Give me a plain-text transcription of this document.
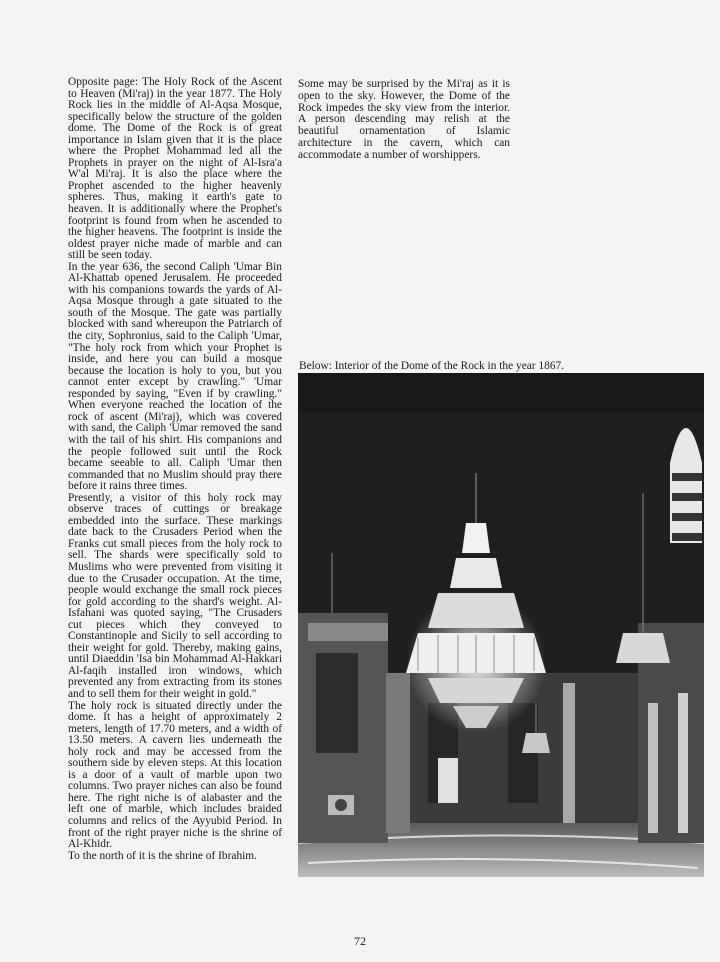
Opposite page: The Holy Rock of the Ascent to Heaven (Mi'raj) in the year 1877. The Holy Rock lies in the middle of Al-Aqsa Mosque, specifically below the structure of the golden dome. The Dome of the Rock is of great importance in Islam given that it is the place where the Prophet Mohammad led all the Prophets in prayer on the night of Al-Isra'a W'al Mi'raj. It is also the place where the Prophet ascended to the higher heavenly spheres. Thus, making it earth's gate to heaven. It is additionally where the Prophet's footprint is found from when he ascended to the higher heavens. The footprint is inside the oldest prayer niche made of marble and can still be seen today.

In the year 636, the second Caliph 'Umar Bin Al-Khattab opened Jerusalem. He proceeded with his companions towards the yards of Al-Aqsa Mosque through a gate situated to the south of the Mosque. The gate was partially blocked with sand whereupon the Patriarch of the city, Sophronius, said to the Caliph 'Umar, "The holy rock from which your Prophet is inside, and here you can build a mosque because the location is holy to you, but you cannot enter except by crawling." 'Umar responded by saying, "Even if by crawling." When everyone reached the location of the rock of ascent (Mi'raj), which was covered with sand, the Caliph 'Umar removed the sand with the tail of his shirt. His companions and the people followed suit until the Rock became seeable to all. Caliph 'Umar then commanded that no Muslim should pray there before it rains three times.

Presently, a visitor of this holy rock may observe traces of cuttings or breakage embedded into the surface. These markings date back to the Crusaders Period when the Franks cut small pieces from the holy rock to sell. The shards were specifically sold to Muslims who were prevented from visiting it due to the Crusader occupation. At the time, people would exchange the small rock pieces for gold according to the shard's weight. Al-Isfahani was quoted saying, "The Crusaders cut pieces which they conveyed to Constantinople and Sicily to sell according to their weight for gold. Thereby, making gains, until Diaeddin 'Isa bin Mohammad Al-Hakkari Al-faqih installed iron windows, which prevented any from extracting from its stones and to sell them for their weight in gold."

The holy rock is situated directly under the dome. It has a height of approximately 2 meters, length of 17.70 meters, and a width of 13.50 meters. A cavern lies underneath the holy rock and may be accessed from the southern side by eleven steps. At this location is a door of a vault of marble upon two columns. Two prayer niches can also be found here. The right niche is of alabaster and the left one of marble, which includes braided columns and relics of the Ayyubid Period. In front of the right prayer niche is the shrine of Al-Khidr.

To the north of it is the shrine of Ibrahim.

Some may be surprised by the Mi'raj as it is open to the sky. However, the Dome of the Rock impedes the sky view from the interior. A person descending may relish at the beautiful ornamentation of Islamic architecture in the cavern, which can accommodate a number of worshippers.

Below: Interior of the Dome of the Rock in the year 1867.
72
